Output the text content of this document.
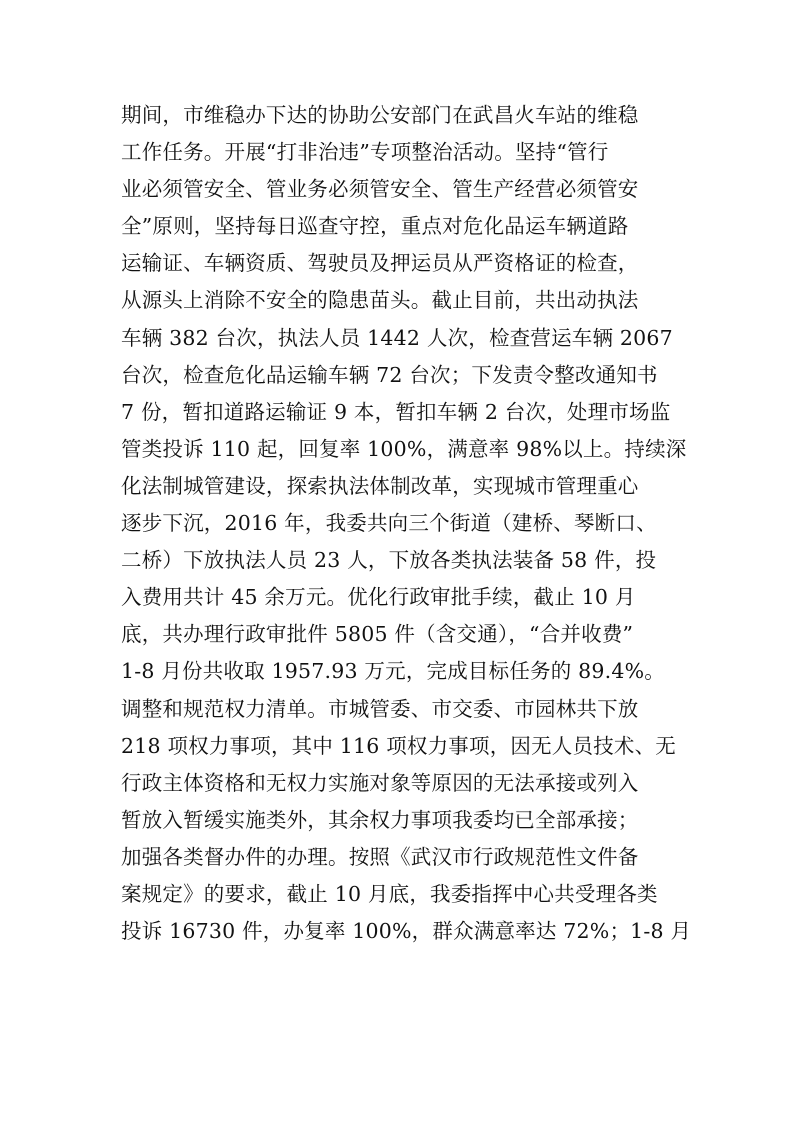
期间，市维稳办下达的协助公安部门在武昌火车站的维稳
工作任务。开展“打非治违”专项整治活动。坚持“管行
业必须管安全、管业务必须管安全、管生产经营必须管安
全”原则，坚持每日巡查守控，重点对危化品运车辆道路
运输证、车辆资质、驾驶员及押运员从严资格证的检查，
从源头上消除不安全的隐患苗头。截止目前，共出动执法
车辆 382 台次，执法人员 1442 人次，检查营运车辆 2067
台次，检查危化品运输车辆 72 台次；下发责令整改通知书
7 份，暂扣道路运输证 9 本，暂扣车辆 2 台次，处理市场监
管类投诉 110 起，回复率 100%，满意率 98%以上。持续深
化法制城管建设，探索执法体制改革，实现城市管理重心
逐步下沉，2016 年，我委共向三个街道（建桥、琴断口、
二桥）下放执法人员 23 人，下放各类执法装备 58 件，投
入费用共计 45 余万元。优化行政审批手续，截止 10 月
底，共办理行政审批件 5805 件（含交通），“合并收费”
1-8 月份共收取 1957.93 万元，完成目标任务的 89.4%。
调整和规范权力清单。市城管委、市交委、市园林共下放
218 项权力事项，其中 116 项权力事项，因无人员技术、无
行政主体资格和无权力实施对象等原因的无法承接或列入
暂放入暂缓实施类外，其余权力事项我委均已全部承接；
加强各类督办件的办理。按照《武汉市行政规范性文件备
案规定》的要求，截止 10 月底，我委指挥中心共受理各类
投诉 16730 件，办复率 100%，群众满意率达 72%；1-8 月
